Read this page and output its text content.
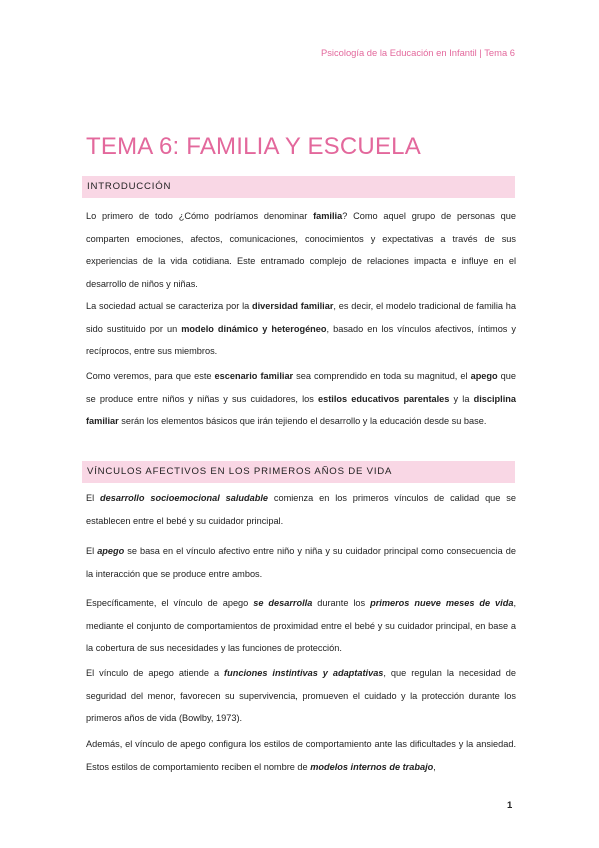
Psicología de la Educación en Infantil | Tema 6
TEMA 6: FAMILIA Y ESCUELA
INTRODUCCIÓN

Lo primero de todo ¿Cómo podríamos denominar familia? Como aquel grupo de personas que comparten emociones, afectos, comunicaciones, conocimientos y expectativas a través de sus experiencias de la vida cotidiana. Este entramado complejo de relaciones impacta e influye en el desarrollo de niños y niñas.

La sociedad actual se caracteriza por la diversidad familiar, es decir, el modelo tradicional de familia ha sido sustituido por un modelo dinámico y heterogéneo, basado en los vínculos afectivos, íntimos y recíprocos, entre sus miembros.

Como veremos, para que este escenario familiar sea comprendido en toda su magnitud, el apego que se produce entre niños y niñas y sus cuidadores, los estilos educativos parentales y la disciplina familiar serán los elementos básicos que irán tejiendo el desarrollo y la educación desde su base.

VÍNCULOS AFECTIVOS EN LOS PRIMEROS AÑOS DE VIDA

El desarrollo socioemocional saludable comienza en los primeros vínculos de calidad que se establecen entre el bebé y su cuidador principal.

El apego se basa en el vínculo afectivo entre niño y niña y su cuidador principal como consecuencia de la interacción que se produce entre ambos.

Específicamente, el vínculo de apego se desarrolla durante los primeros nueve meses de vida, mediante el conjunto de comportamientos de proximidad entre el bebé y su cuidador principal, en base a la cobertura de sus necesidades y las funciones de protección.

El vínculo de apego atiende a funciones instintivas y adaptativas, que regulan la necesidad de seguridad del menor, favorecen su supervivencia, promueven el cuidado y la protección durante los primeros años de vida (Bowlby, 1973).

Además, el vínculo de apego configura los estilos de comportamiento ante las dificultades y la ansiedad. Estos estilos de comportamiento reciben el nombre de modelos internos de trabajo,

1
